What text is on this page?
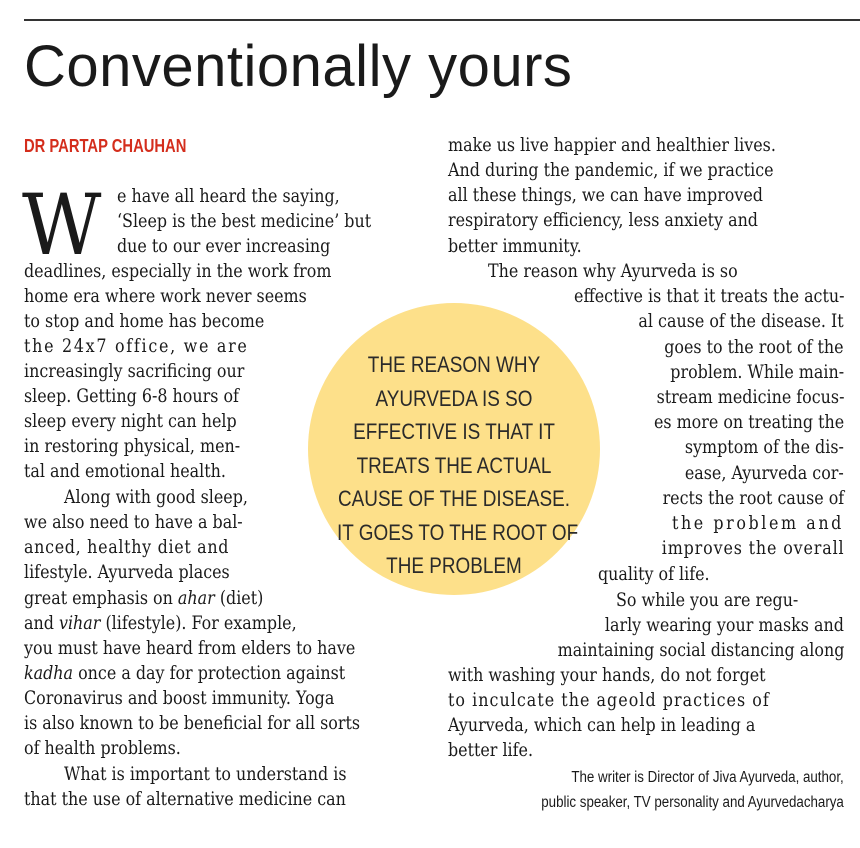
Conventionally yours
DR PARTAP CHAUHAN
W e have all heard the saying,
‘Sleep is the best medicine’ but
due to our ever increasing
deadlines, especially in the work from
home era where work never seems
to stop and home has become
the 24x7 office, we are
increasingly sacrificing our
sleep. Getting 6-8 hours of
sleep every night can help
in restoring physical, men-
tal and emotional health.
Along with good sleep,
we also need to have a bal-
anced, healthy diet and
lifestyle. Ayurveda places
great emphasis on ahar (diet)
and vihar (lifestyle). For example,
you must have heard from elders to have
kadha once a day for protection against
Coronavirus and boost immunity. Yoga
is also known to be beneficial for all sorts
of health problems.
What is important to understand is
that the use of alternative medicine can
THE REASON WHY
AYURVEDA IS SO
EFFECTIVE IS THAT IT
TREATS THE ACTUAL
CAUSE OF THE DISEASE.
IT GOES TO THE ROOT OF
THE PROBLEM
make us live happier and healthier lives.
And during the pandemic, if we practice
all these things, we can have improved
respiratory efficiency, less anxiety and
better immunity.
The reason why Ayurveda is so
effective is that it treats the actu-
al cause of the disease. It
goes to the root of the
problem. While main-
stream medicine focus-
es more on treating the
symptom of the dis-
ease, Ayurveda cor-
rects the root cause of
the problem and
improves the overall
quality of life.
So while you are regu-
larly wearing your masks and
maintaining social distancing along
with washing your hands, do not forget
to inculcate the ageold practices of
Ayurveda, which can help in leading a
better life.
The writer is Director of Jiva Ayurveda, author,
public speaker, TV personality and Ayurvedacharya
